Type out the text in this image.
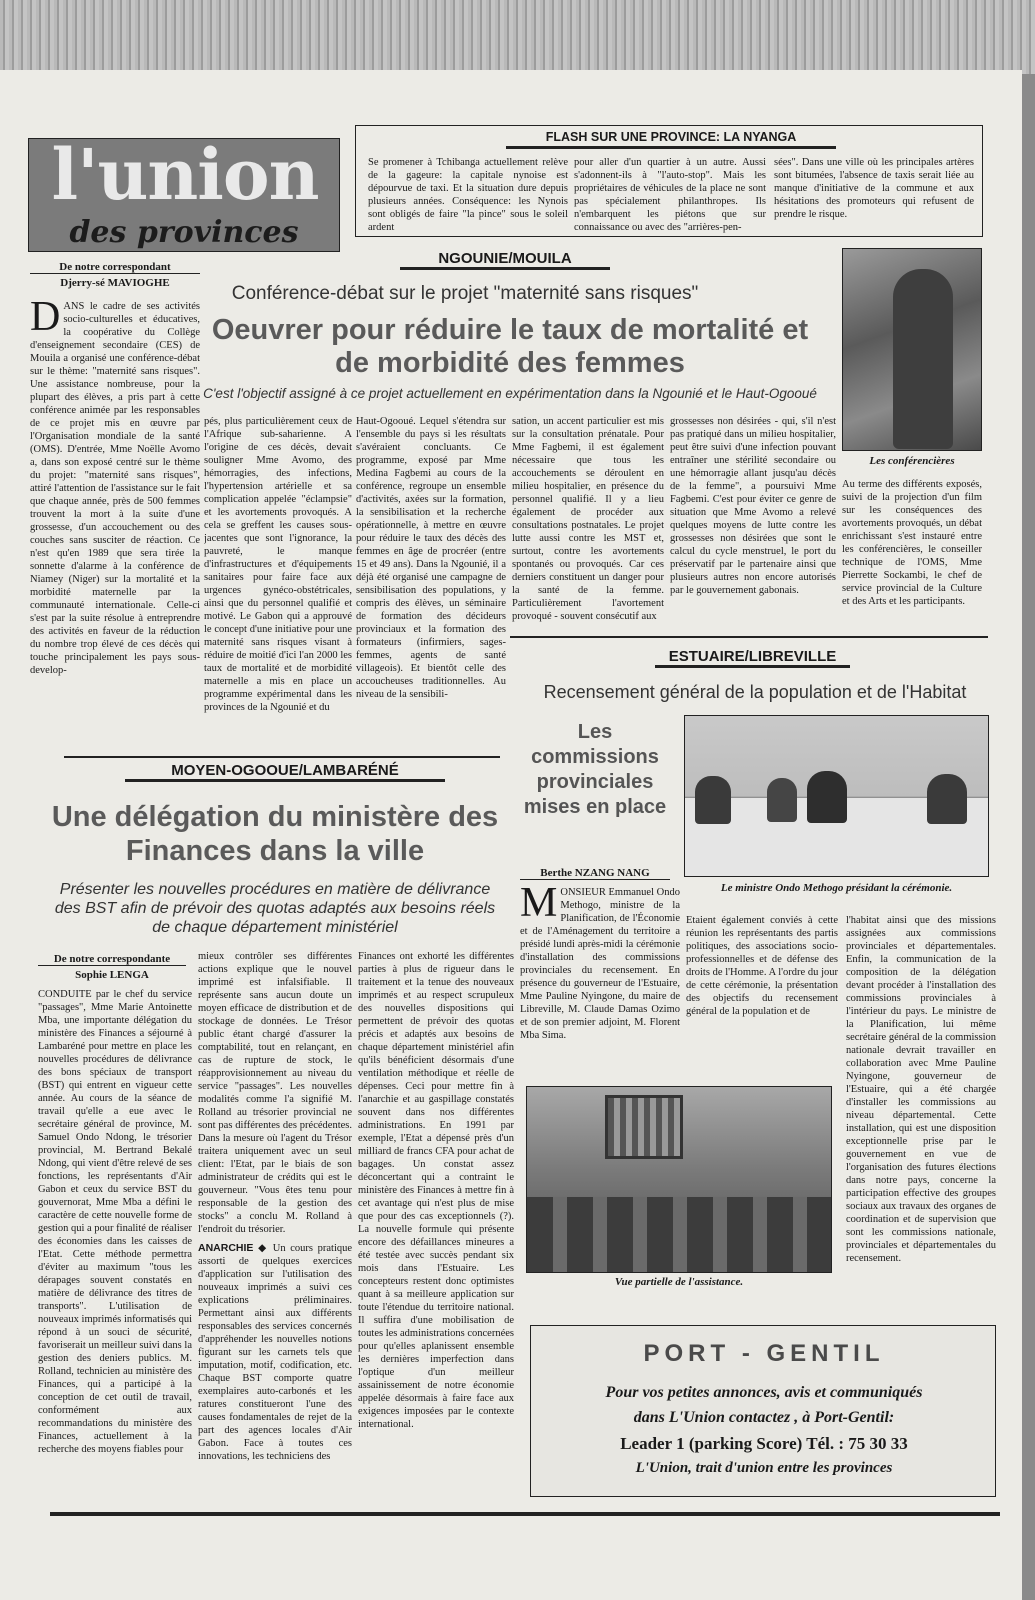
l'union
des provinces
FLASH SUR UNE PROVINCE: LA NYANGA
Se promener à Tchibanga actuellement relève de la gageure: la capitale nynoise est dépourvue de taxi. Et la situation dure depuis plusieurs années. Conséquence: les Nynois sont obligés de faire "la pince" sous le soleil ardent
pour aller d'un quartier à un autre. Aussi s'adonnent-ils à "l'auto-stop". Mais les propriétaires de véhicules de la place ne sont pas spécialement philanthropes. Ils n'embarquent les piétons que sur connaissance ou avec des "arrières-pen-
sées". Dans une ville où les principales artères sont bitumées, l'absence de taxis serait liée au manque d'initiative de la commune et aux hésitations des promoteurs qui refusent de prendre le risque.
De notre correspondant
Djerry-sé MAVIOGHE
NGOUNIE/MOUILA
Conférence-débat sur le projet "maternité sans risques"
Oeuvrer pour réduire le taux de mortalité et de morbidité des femmes
C'est l'objectif assigné à ce projet actuellement en expérimentation dans la Ngounié et le Haut-Ogooué
DANS le cadre de ses activités socio-culturelles et éducatives, la coopérative du Collège d'enseignement secondaire (CES) de Mouila a organisé une conférence-débat sur le thème: "maternité sans risques". Une assistance nombreuse, pour la plupart des élèves, a pris part à cette conférence animée par les responsables de ce projet mis en œuvre par l'Organisation mondiale de la santé (OMS). D'entrée, Mme Noëlle Avomo a, dans son exposé centré sur le thème du projet: "maternité sans risques", attiré l'attention de l'assistance sur le fait que chaque année, près de 500 femmes trouvent la mort à la suite d'une grossesse, d'un accouchement ou des couches sans susciter de réaction. Ce n'est qu'en 1989 que sera tirée la sonnette d'alarme à la conférence de Niamey (Niger) sur la mortalité et la morbidité maternelle par la communauté internationale. Celle-ci s'est par la suite résolue à entreprendre des activités en faveur de la réduction du nombre trop élevé de ces décès qui touche principalement les pays sous-develop-
pés, plus particulièrement ceux de l'Afrique sub-saharienne. A l'origine de ces décès, devait souligner Mme Avomo, des hémorragies, des infections, l'hypertension artérielle et sa complication appelée "éclampsie" et les avortements provoqués. A cela se greffent les causes sous-jacentes que sont l'ignorance, la pauvreté, le manque d'infrastructures et d'équipements sanitaires pour faire face aux urgences gynéco-obstétricales, ainsi que du personnel qualifié et motivé. Le Gabon qui a approuvé le concept d'une initiative pour une maternité sans risques visant à réduire de moitié d'ici l'an 2000 les taux de mortalité et de morbidité maternelle a mis en place un programme expérimental dans les provinces de la Ngounié et du
Haut-Ogooué. Lequel s'étendra sur l'ensemble du pays si les résultats s'avéraient concluants. Ce programme, exposé par Mme Medina Fagbemi au cours de la conférence, regroupe un ensemble d'activités, axées sur la formation, la sensibilisation et la recherche opérationnelle, à mettre en œuvre pour réduire le taux des décès des femmes en âge de procréer (entre 15 et 49 ans). Dans la Ngounié, il a déjà été organisé une campagne de sensibilisation des populations, y compris des élèves, un séminaire de formation des décideurs provinciaux et la formation des formateurs (infirmiers, sages-femmes, agents de santé villageois). Et bientôt celle des accoucheuses traditionnelles. Au niveau de la sensibili-
sation, un accent particulier est mis sur la consultation prénatale. Pour Mme Fagbemi, il est également nécessaire que tous les accouchements se déroulent en milieu hospitalier, en présence du personnel qualifié. Il y a lieu également de procéder aux consultations postnatales. Le projet lutte aussi contre les MST et, surtout, contre les avortements spontanés ou provoqués. Car ces derniers constituent un danger pour la santé de la femme. Particulièrement l'avortement provoqué - souvent consécutif aux
grossesses non désirées - qui, s'il n'est pas pratiqué dans un milieu hospitalier, peut être suivi d'une infection pouvant entraîner une stérilité secondaire ou une hémorragie allant jusqu'au décès de la femme", a poursuivi Mme Fagbemi. C'est pour éviter ce genre de situation que Mme Avomo a relevé quelques moyens de lutte contre les grossesses non désirées que sont le calcul du cycle menstruel, le port du préservatif par le partenaire ainsi que plusieurs autres non encore autorisés par le gouvernement gabonais.
Les conférencières
Au terme des différents exposés, suivi de la projection d'un film sur les conséquences des avortements provoqués, un débat enrichissant s'est instauré entre les conférencières, le conseiller technique de l'OMS, Mme Pierrette Sockambi, le chef de service provincial de la Culture et des Arts et les participants.
ESTUAIRE/LIBREVILLE
Recensement général de la population et de l'Habitat
Les commissions provinciales mises en place
Berthe NZANG NANG
Le ministre Ondo Methogo présidant la cérémonie.
MONSIEUR Emmanuel Ondo Methogo, ministre de la Planification, de l'Économie et de l'Aménagement du territoire a présidé lundi après-midi la cérémonie d'installation des commissions provinciales du recensement. En présence du gouverneur de l'Estuaire, Mme Pauline Nyingone, du maire de Libreville, M. Claude Damas Ozimo et de son premier adjoint, M. Florent Mba Sima.
Etaient également conviés à cette réunion les représentants des partis politiques, des associations socio-professionnelles et de défense des droits de l'Homme. A l'ordre du jour de cette cérémonie, la présentation des objectifs du recensement général de la population et de
l'habitat ainsi que des missions assignées aux commissions provinciales et départementales. Enfin, la communication de la composition de la délégation devant procéder à l'installation des commissions provinciales à l'intérieur du pays. Le ministre de la Planification, lui même secrétaire général de la commission nationale devrait travailler en collaboration avec Mme Pauline Nyingone, gouverneur de l'Estuaire, qui a été chargée d'installer les commissions au niveau départemental. Cette installation, qui est une disposition exceptionnelle prise par le gouvernement en vue de l'organisation des futures élections dans notre pays, concerne la participation effective des groupes sociaux aux travaux des organes de coordination et de supervision que sont les commissions nationale, provinciales et départementales du recensement.
Vue partielle de l'assistance.
MOYEN-OGOOUE/LAMBARÉNÉ
Une délégation du ministère des Finances dans la ville
Présenter les nouvelles procédures en matière de délivrance des BST afin de prévoir des quotas adaptés aux besoins réels de chaque département ministériel
De notre correspondante
Sophie LENGA
CONDUITE par le chef du service "passages", Mme Marie Antoinette Mba, une importante délégation du ministère des Finances a séjourné à Lambaréné pour mettre en place les nouvelles procédures de délivrance des bons spéciaux de transport (BST) qui entrent en vigueur cette année. Au cours de la séance de travail qu'elle a eue avec le secrétaire général de province, M. Samuel Ondo Ndong, le trésorier provincial, M. Bertrand Bekalé Ndong, qui vient d'être relevé de ses fonctions, les représentants d'Air Gabon et ceux du service BST du gouvernorat, Mme Mba a défini le caractère de cette nouvelle forme de gestion qui a pour finalité de réaliser des économies dans les caisses de l'Etat. Cette méthode permettra d'éviter au maximum "tous les dérapages souvent constatés en matière de délivrance des titres de transports". L'utilisation de nouveaux imprimés informatisés qui répond à un souci de sécurité, favoriserait un meilleur suivi dans la gestion des deniers publics. M. Rolland, technicien au ministère des Finances, qui a participé à la conception de cet outil de travail, conformément aux recommandations du ministère des Finances, actuellement à la recherche des moyens fiables pour
mieux contrôler ses différentes actions explique que le nouvel imprimé est infalsifiable. Il représente sans aucun doute un moyen efficace de distribution et de stockage de données. Le Trésor public étant chargé d'assurer la comptabilité, tout en relançant, en cas de rupture de stock, le réapprovisionnement au niveau du service "passages". Les nouvelles modalités comme l'a signifié M. Rolland au trésorier provincial ne sont pas différentes des précédentes. Dans la mesure où l'agent du Trésor traitera uniquement avec un seul client: l'Etat, par le biais de son administrateur de crédits qui est le gouverneur. "Vous êtes tenu pour responsable de la gestion des stocks" a conclu M. Rolland à l'endroit du trésorier.
ANARCHIE ◆ Un cours pratique assorti de quelques exercices d'application sur l'utilisation des nouveaux imprimés a suivi ces explications préliminaires. Permettant ainsi aux différents responsables des services concernés d'appréhender les nouvelles notions figurant sur les carnets tels que imputation, motif, codification, etc. Chaque BST comporte quatre exemplaires auto-carbonés et les ratures constitueront l'une des causes fondamentales de rejet de la part des agences locales d'Air Gabon. Face à toutes ces innovations, les techniciens des
Finances ont exhorté les différentes parties à plus de rigueur dans le traitement et la tenue des nouveaux imprimés et au respect scrupuleux des nouvelles dispositions qui permettent de prévoir des quotas précis et adaptés aux besoins de chaque département ministériel afin qu'ils bénéficient désormais d'une ventilation méthodique et réelle de dépenses. Ceci pour mettre fin à l'anarchie et au gaspillage constatés souvent dans nos différentes administrations. En 1991 par exemple, l'Etat a dépensé près d'un milliard de francs CFA pour achat de bagages. Un constat assez déconcertant qui a contraint le ministère des Finances à mettre fin à cet avantage qui n'est plus de mise que pour des cas exceptionnels (?). La nouvelle formule qui présente encore des défaillances mineures a été testée avec succès pendant six mois dans l'Estuaire. Les concepteurs restent donc optimistes quant à sa meilleure application sur toute l'étendue du territoire national. Il suffira d'une mobilisation de toutes les administrations concernées pour qu'elles aplanissent ensemble les dernières imperfection dans l'optique d'un meilleur assainissement de notre économie appelée désormais à faire face aux exigences imposées par le contexte international.
PORT - GENTIL
Pour vos petites annonces, avis et communiqués
dans L'Union contactez , à Port-Gentil:
Leader 1 (parking Score) Tél. : 75 30 33
L'Union, trait d'union entre les provinces
